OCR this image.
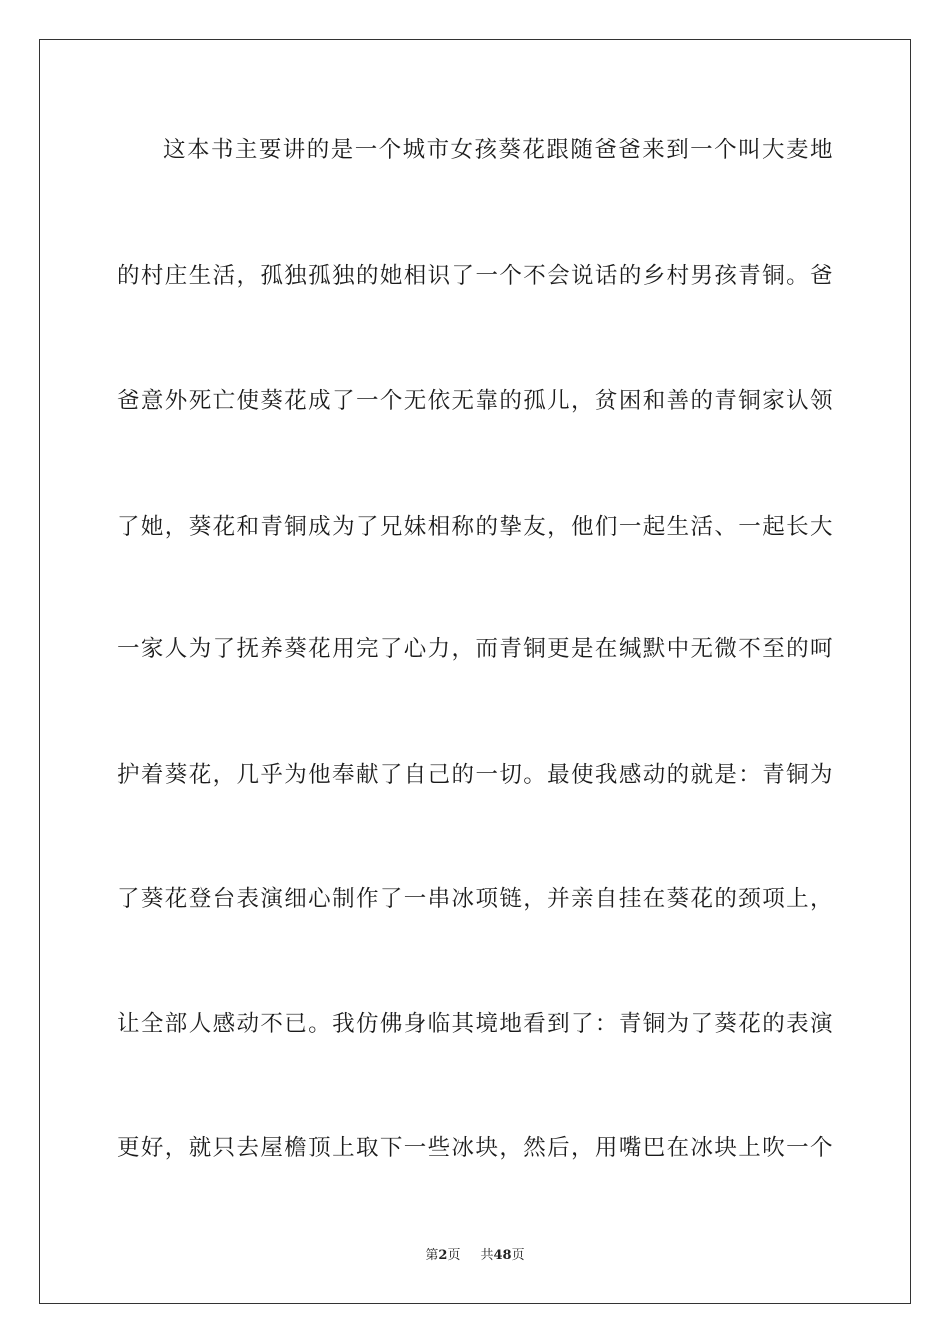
这本书主要讲的是一个城市女孩葵花跟随爸爸来到一个叫大麦地
的村庄生活，孤独孤独的她相识了一个不会说话的乡村男孩青铜。爸
爸意外死亡使葵花成了一个无依无靠的孤儿，贫困和善的青铜家认领
了她，葵花和青铜成为了兄妹相称的挚友，他们一起生活、一起长大
一家人为了抚养葵花用完了心力，而青铜更是在缄默中无微不至的呵
护着葵花，几乎为他奉献了自己的一切。最使我感动的就是：青铜为
了葵花登台表演细心制作了一串冰项链，并亲自挂在葵花的颈项上，
让全部人感动不已。我仿佛身临其境地看到了：青铜为了葵花的表演
更好，就只去屋檐顶上取下一些冰块，然后，用嘴巴在冰块上吹一个
第2页 共48页
